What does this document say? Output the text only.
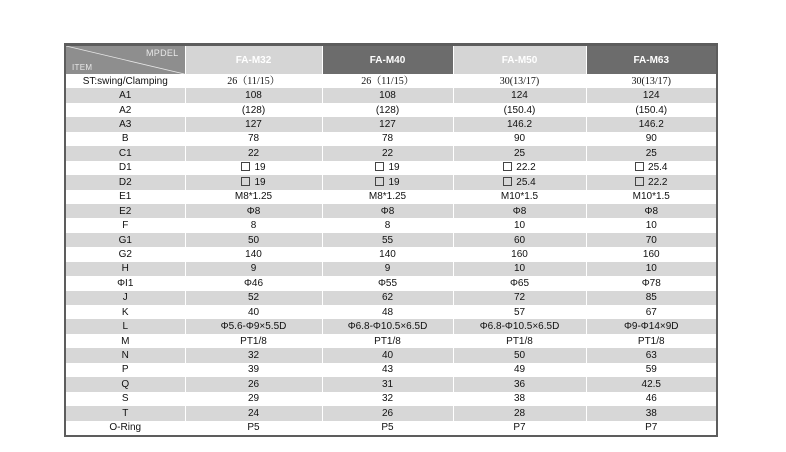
MPDEL
ITEM	FA-M32	FA-M40	FA-M50	FA-M63
ST:swing/Clamping	26（11/15）	26（11/15）	30(13/17)	30(13/17)
A1	108	108	124	124
A2	(128)	(128)	(150.4)	(150.4)
A3	127	127	146.2	146.2
B	78	78	90	90
C1	22	22	25	25
D1	19	19	22.2	25.4
D2	19	19	25.4	22.2
E1	M8*1.25	M8*1.25	M10*1.5	M10*1.5
E2	Φ8	Φ8	Φ8	Φ8
F	8	8	10	10
G1	50	55	60	70
G2	140	140	160	160
H	9	9	10	10
ΦI1	Φ46	Φ55	Φ65	Φ78
J	52	62	72	85
K	40	48	57	67
L	Φ5.6-Φ9×5.5D	Φ6.8-Φ10.5×6.5D	Φ6.8-Φ10.5×6.5D	Φ9-Φ14×9D
M	PT1/8	PT1/8	PT1/8	PT1/8
N	32	40	50	63
P	39	43	49	59
Q	26	31	36	42.5
S	29	32	38	46
T	24	26	28	38
O-Ring	P5	P5	P7	P7
